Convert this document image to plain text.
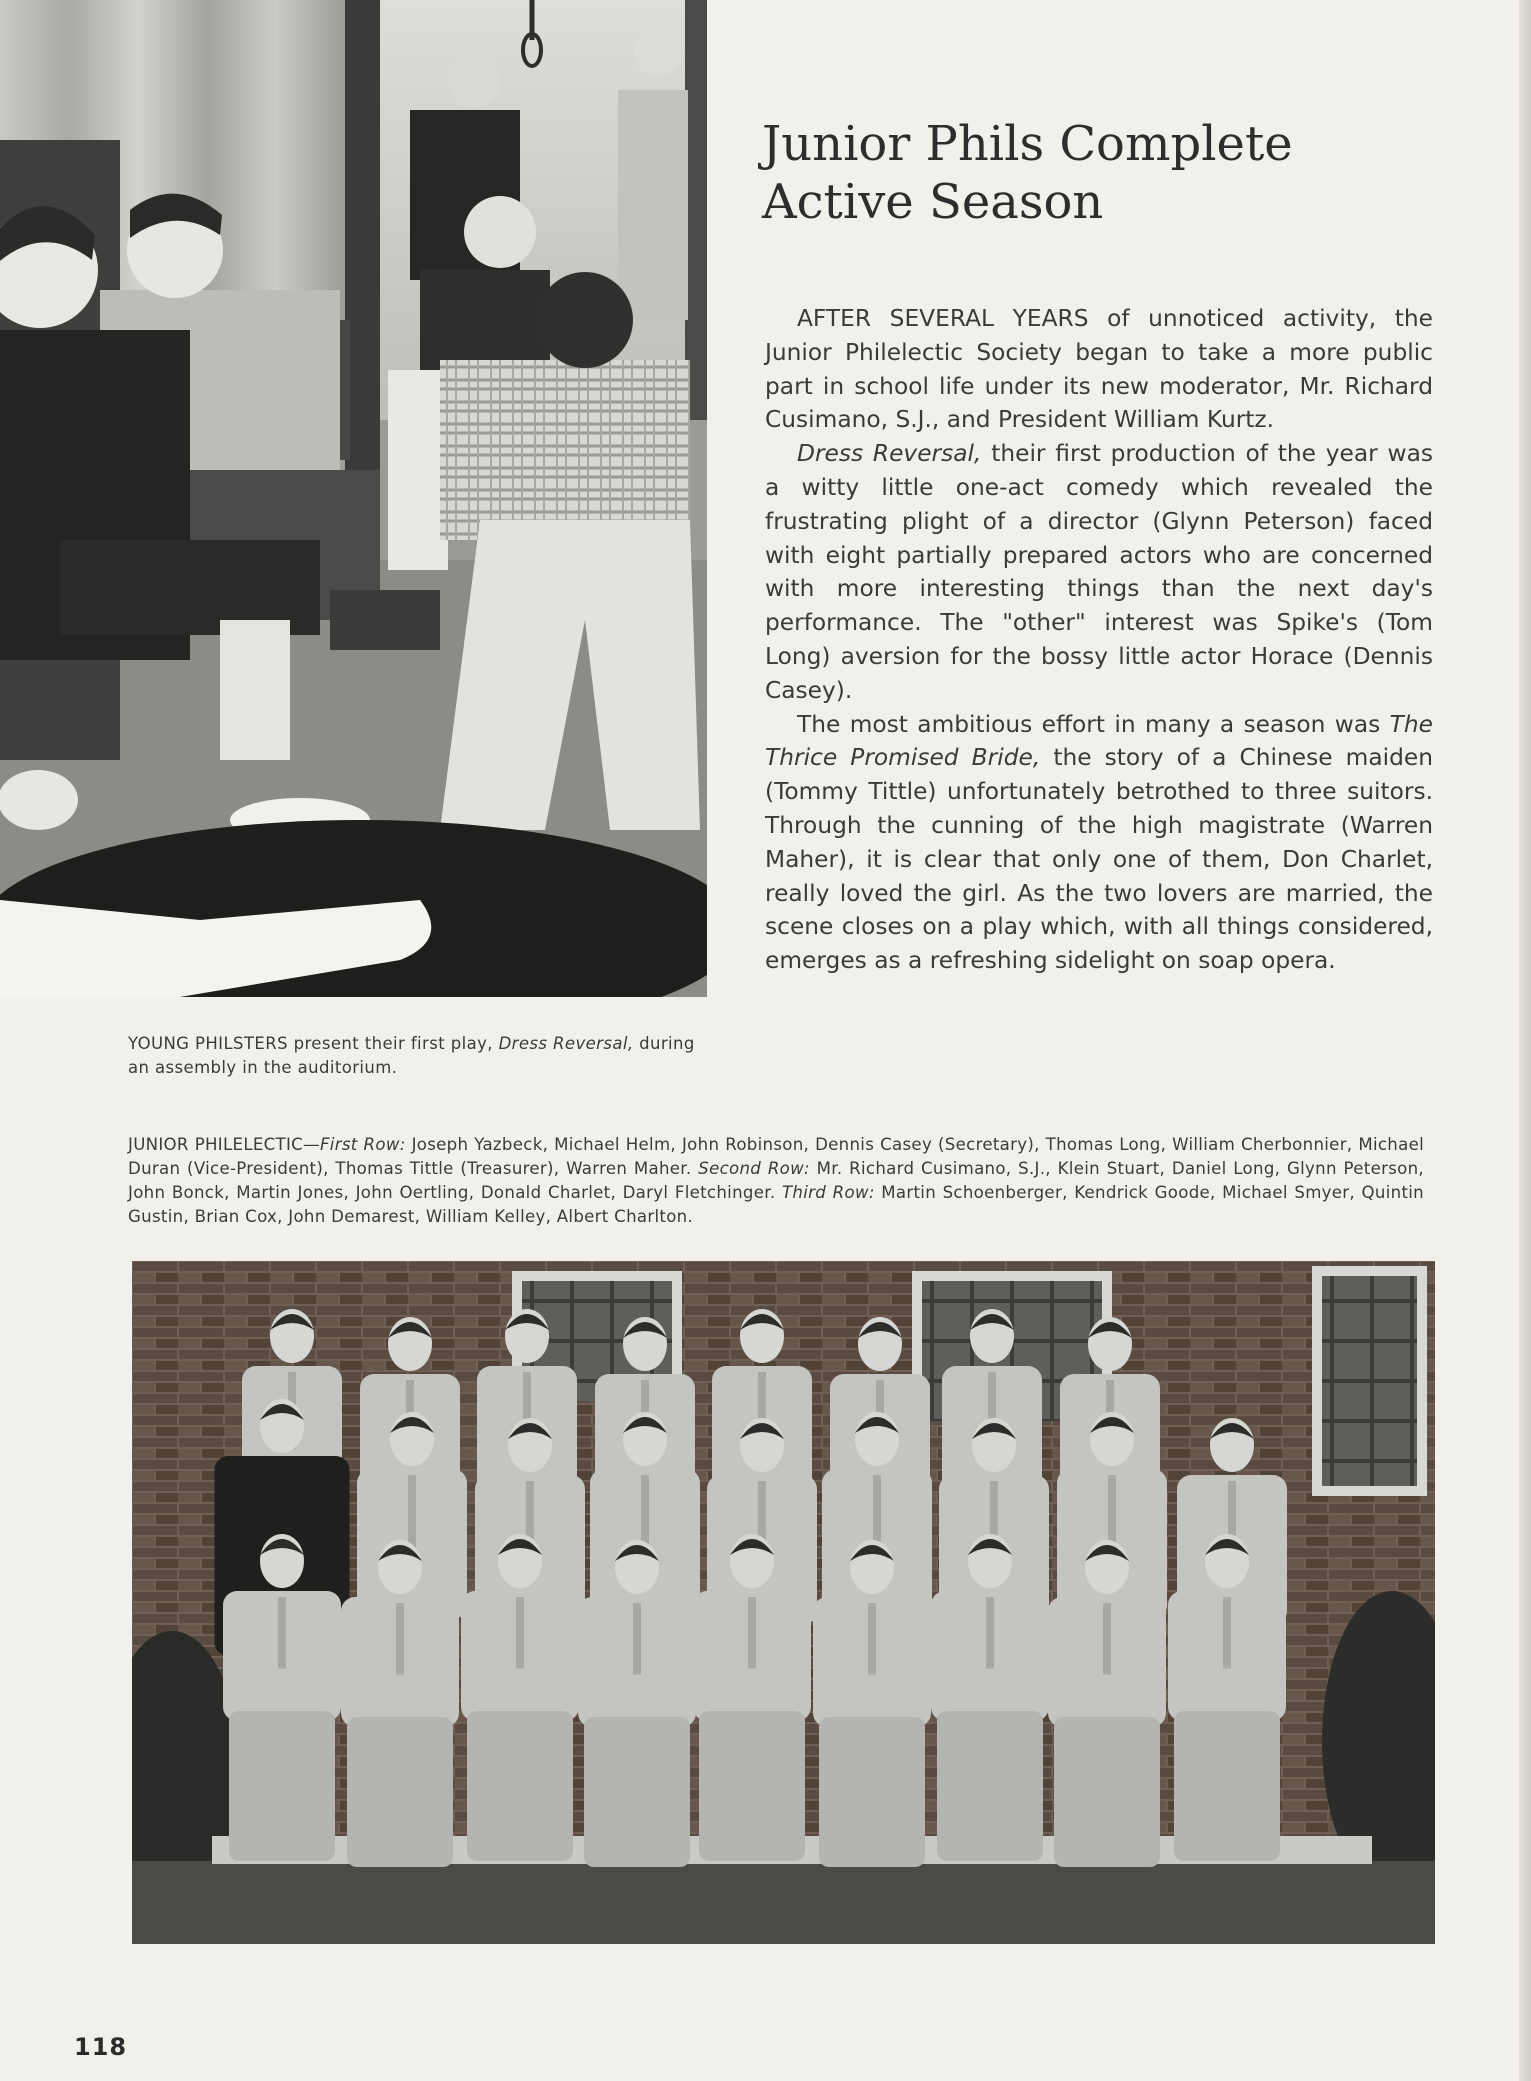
Junior Phils Complete
Active Season

AFTER SEVERAL YEARS of unnoticed activity, the Junior Philelectic Society began to take a more public part in school life under its new moderator, Mr. Richard Cusimano, S.J., and President William Kurtz.

Dress Reversal, their first production of the year was a witty little one-act comedy which revealed the frustrating plight of a director (Glynn Peterson) faced with eight partially prepared actors who are concerned with more interesting things than the next day's performance. The "other" interest was Spike's (Tom Long) aversion for the bossy little actor Horace (Dennis Casey).

The most ambitious effort in many a season was The Thrice Promised Bride, the story of a Chinese maiden (Tommy Tittle) unfortunately betrothed to three suitors. Through the cunning of the high magistrate (Warren Maher), it is clear that only one of them, Don Charlet, really loved the girl. As the two lovers are married, the scene closes on a play which, with all things considered, emerges as a refreshing sidelight on soap opera.

YOUNG PHILSTERS present their first play, Dress Reversal, during an assembly in the auditorium.
JUNIOR PHILELECTIC—First Row: Joseph Yazbeck, Michael Helm, John Robinson, Dennis Casey (Secretary), Thomas Long, William Cherbonnier, Michael Duran (Vice-President), Thomas Tittle (Treasurer), Warren Maher. Second Row: Mr. Richard Cusimano, S.J., Klein Stuart, Daniel Long, Glynn Peterson, John Bonck, Martin Jones, John Oertling, Donald Charlet, Daryl Fletchinger. Third Row: Martin Schoenberger, Kendrick Goode, Michael Smyer, Quintin Gustin, Brian Cox, John Demarest, William Kelley, Albert Charlton.
118
